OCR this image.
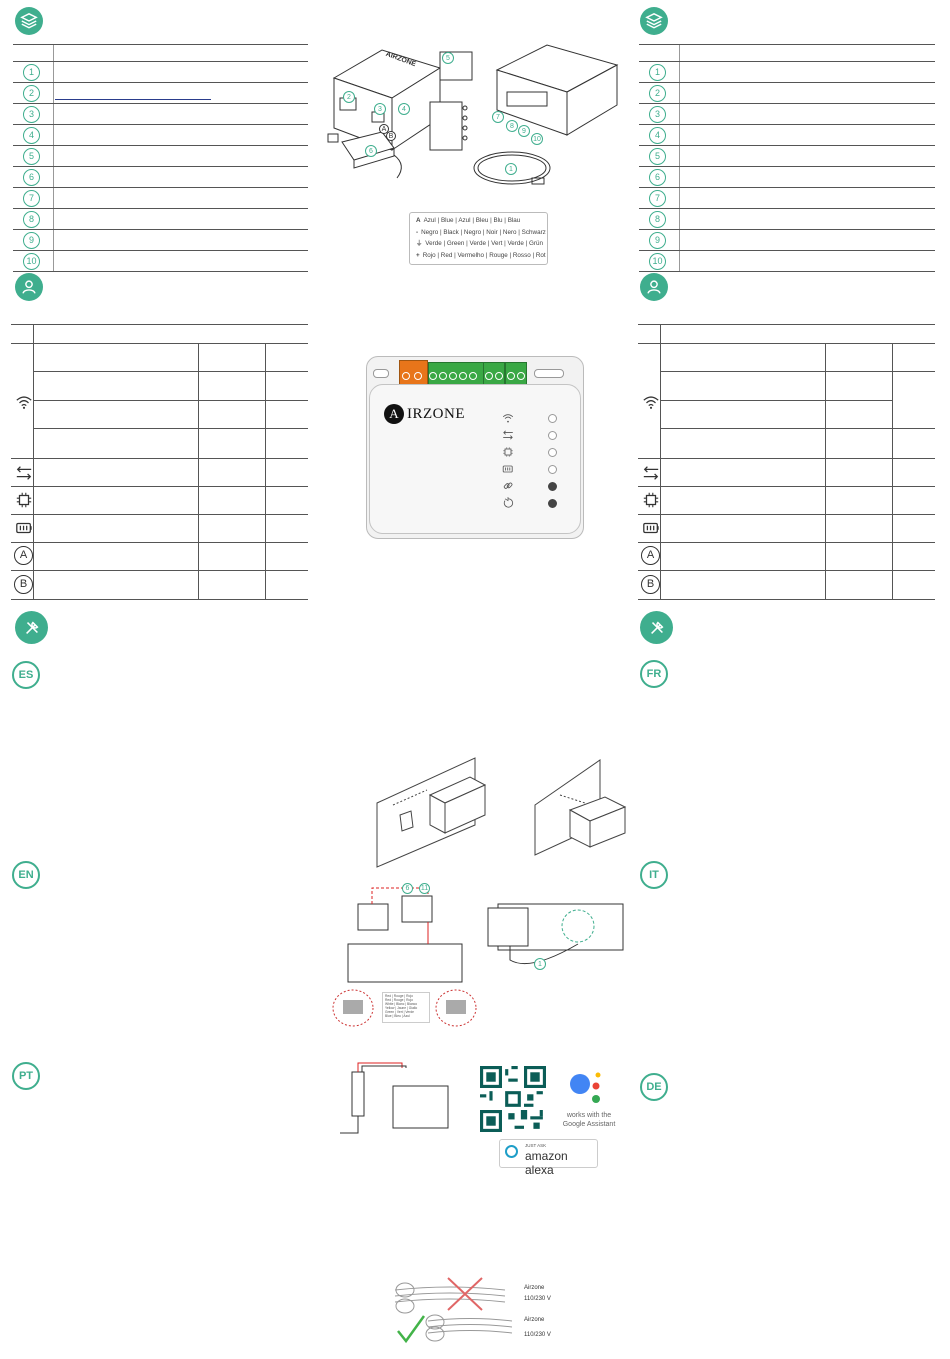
1
2
3
4
5
6
7
8
9
10
A
B
ES
EN
PT
1
2
3
4
5
6
7
8
9
10
A
B
FR
IT
DE
AIRZONE	5
2
3	4
6
7
8
9
10
1
A
B
A Azul | Blue | Azul | Bleu | Blu | Blau
- Negro | Black | Negro | Noir | Nero | Schwarz
⏚ Verde | Green | Verde | Vert | Verde | Grün
+ Rojo | Red | Vermelho | Rouge | Rosso | Rot
A IRZONE
6	11
1
Red | Rouge | Rojo
Red | Rouge | Rojo
White | Blanc | Blanco
Yellow | Jaune | Giallo
Green | Vert | Verde
Blue | Bleu | Azul
works with the
Google Assistant
JUST ASK
amazon alexa
Airzone
110/230 V
Airzone
110/230 V
